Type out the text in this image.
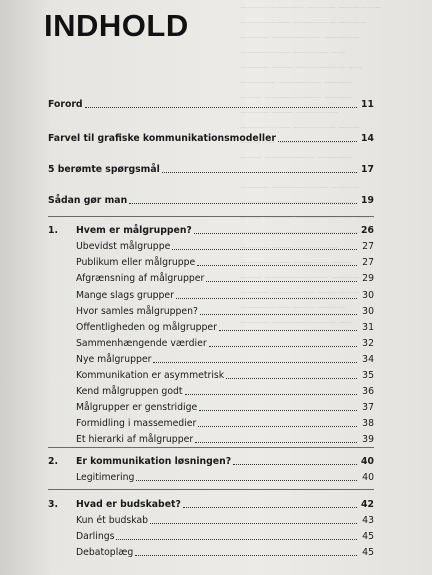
————————— ———— ——————
——————— —————— ————
———— ——————— —————
——————— ————— ——
———— ——— ——————— ——
————— —————— ————
——— ———————— ————
———— ——— ——————
——————— —————— ———
————— ——— ———————
——— ——————— —————
—————— ———— ——————
———— ———————— ————
——————— ——— —————
——— ———— ———————— ——
—————— ——————— ———
———— ——— ——————
——————— ————— ———
——— ————————— ————
———— —————— ——————
——————— ——— ————
———— ————————— ——
INDHOLD
Forord	11
Farvel til grafiske kommunikationsmodeller	14
5 berømte spørgsmål	17
Sådan gør man	19
1.	Hvem er målgruppen?	26
Ubevidst målgruppe	27
Publikum eller målgruppe	27
Afgrænsning af målgrupper	29
Mange slags grupper	30
Hvor samles målgruppen?	30
Offentligheden og målgrupper	31
Sammenhængende værdier	32
Nye målgrupper	34
Kommunikation er asymmetrisk	35
Kend målgruppen godt	36
Målgrupper er genstridige	37
Formidling i massemedier	38
Et hierarki af målgrupper	39
2.	Er kommunikation løsningen?	40
Legitimering	40
3.	Hvad er budskabet?	42
Kun ét budskab	43
Darlings	45
Debatoplæg	45
